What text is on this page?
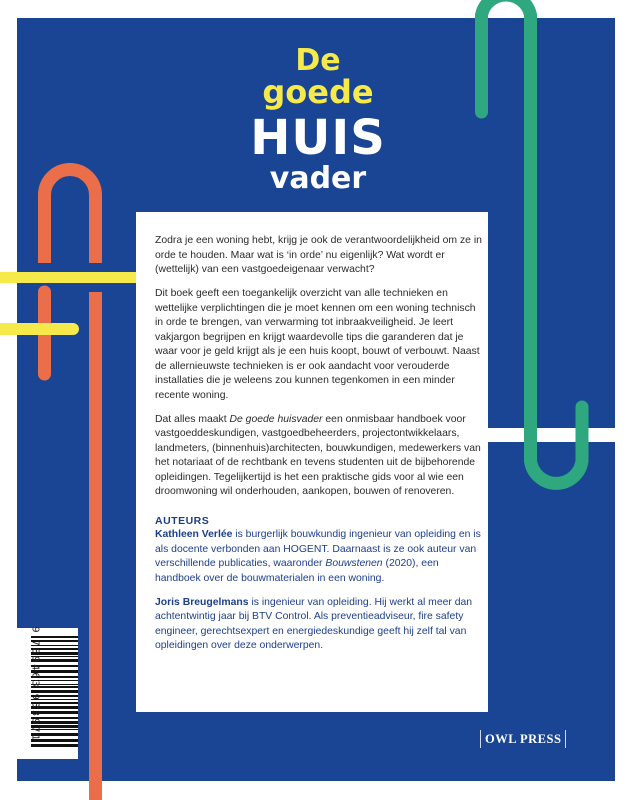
De
goede
HUIS
vader

Zodra je een woning hebt, krijg je ook de verantwoordelijkheid om ze in orde te houden. Maar wat is ‘in orde’ nu eigenlijk? Wat wordt er (wettelijk) van een vastgoedeigenaar verwacht?

Dit boek geeft een toegankelijk overzicht van alle technieken en wettelijke verplichtingen die je moet kennen om een woning technisch in orde te brengen, van verwarming tot inbraakveiligheid. Je leert vakjargon begrijpen en krijgt waardevolle tips die garanderen dat je waar voor je geld krijgt als je een huis koopt, bouwt of verbouwt. Naast de allernieuwste technieken is er ook aandacht voor verouderde installaties die je weleens zou kunnen tegenkomen in een minder recente woning.

Dat alles maakt De goede huisvader een onmisbaar handboek voor vastgoeddeskundigen, vastgoedbeheerders, projectontwikkelaars, landmeters, (binnenhuis)architecten, bouwkundigen, medewerkers van het notariaat of de rechtbank en tevens studenten uit de bijbehorende opleidingen. Tegelijkertijd is het een praktische gids voor al wie een droomwoning wil onderhouden, aankopen, bouwen of renoveren.

AUTEURS

Kathleen Verlée is burgerlijk bouwkundig ingenieur van opleiding en is als docente verbonden aan HOGENT. Daarnaast is ze ook auteur van verschillende publicaties, waaronder Bouwstenen (2020), een handboek over de bouwmaterialen in een woning.

Joris Breugelmans is ingenieur van opleiding. Hij werkt al meer dan achtentwintig jaar bij BTV Control. Als preventieadviseur, fire safety engineer, gerechtsexpert en energiedeskundige geeft hij zelf tal van opleidingen over deze onderwerpen.

9 789463 933971	OWL PRESS
